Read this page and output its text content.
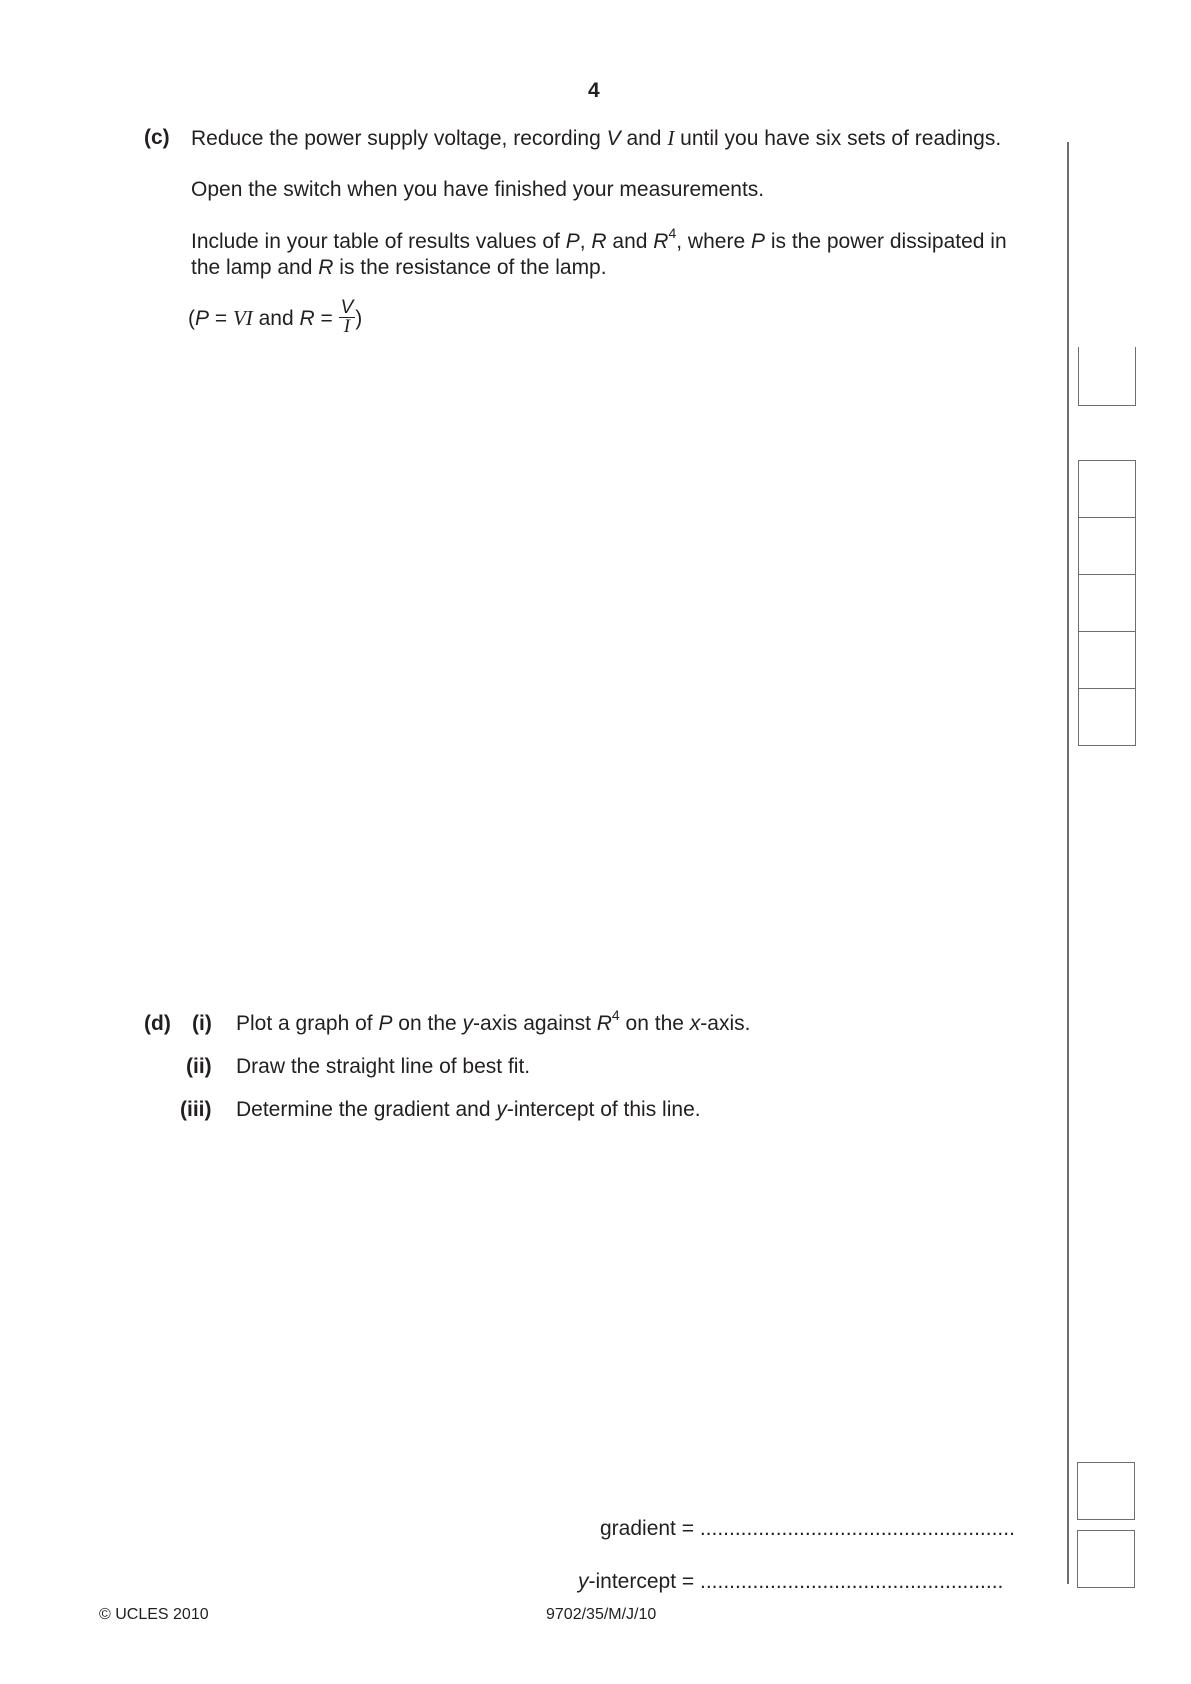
4
(c) Reduce the power supply voltage, recording V and I until you have six sets of readings.
Open the switch when you have finished your measurements.
Include in your table of results values of P, R and $R^4$, where P is the power dissipated in
the lamp and R is the resistance of the lamp.
(P = VI and $R = \frac{V}{I}$ )
(d) (i) Plot a graph of P on the y-axis against $R^4$ on the x-axis.
(ii) Draw the straight line of best fit.
(iii) Determine the gradient and y-intercept of this line.
gradient = ......................................................
y-intercept = ....................................................
© UCLES 2010	9702/35/M/J/10
